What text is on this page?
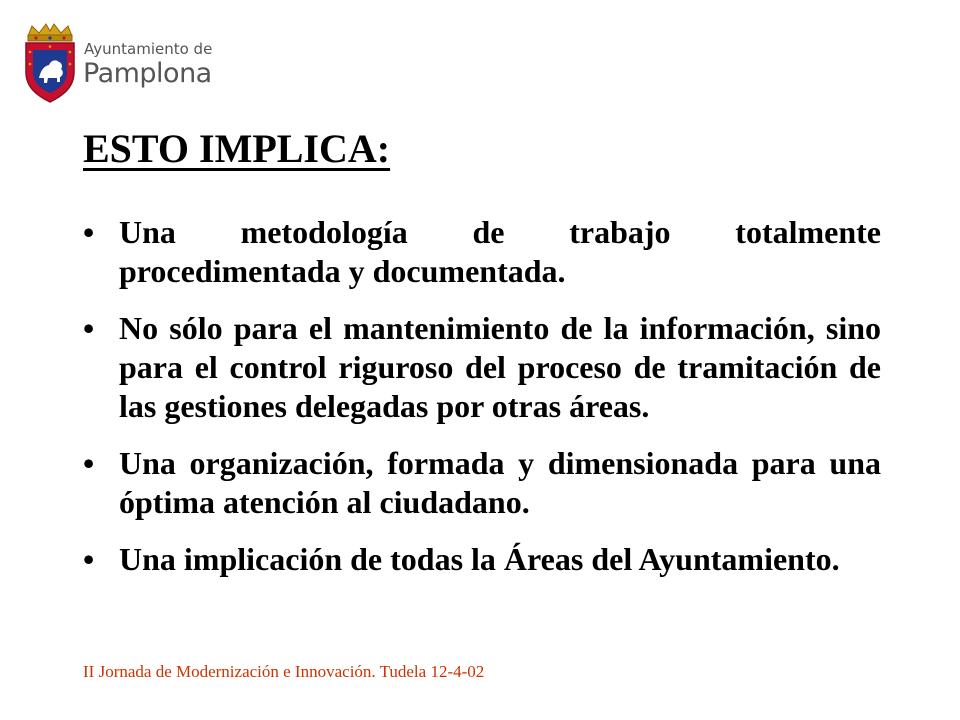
Ayuntamiento de
Pamplona
ESTO IMPLICA:
• Una metodología de trabajo totalmente procedimentada y documentada.
• No sólo para el mantenimiento de la información, sino para el control riguroso del proceso de tramitación de las gestiones delegadas por otras áreas.
• Una organización, formada y dimensionada para una óptima atención al ciudadano.
• Una implicación de todas la Áreas del Ayuntamiento.
II Jornada de Modernización e Innovación. Tudela 12-4-02
